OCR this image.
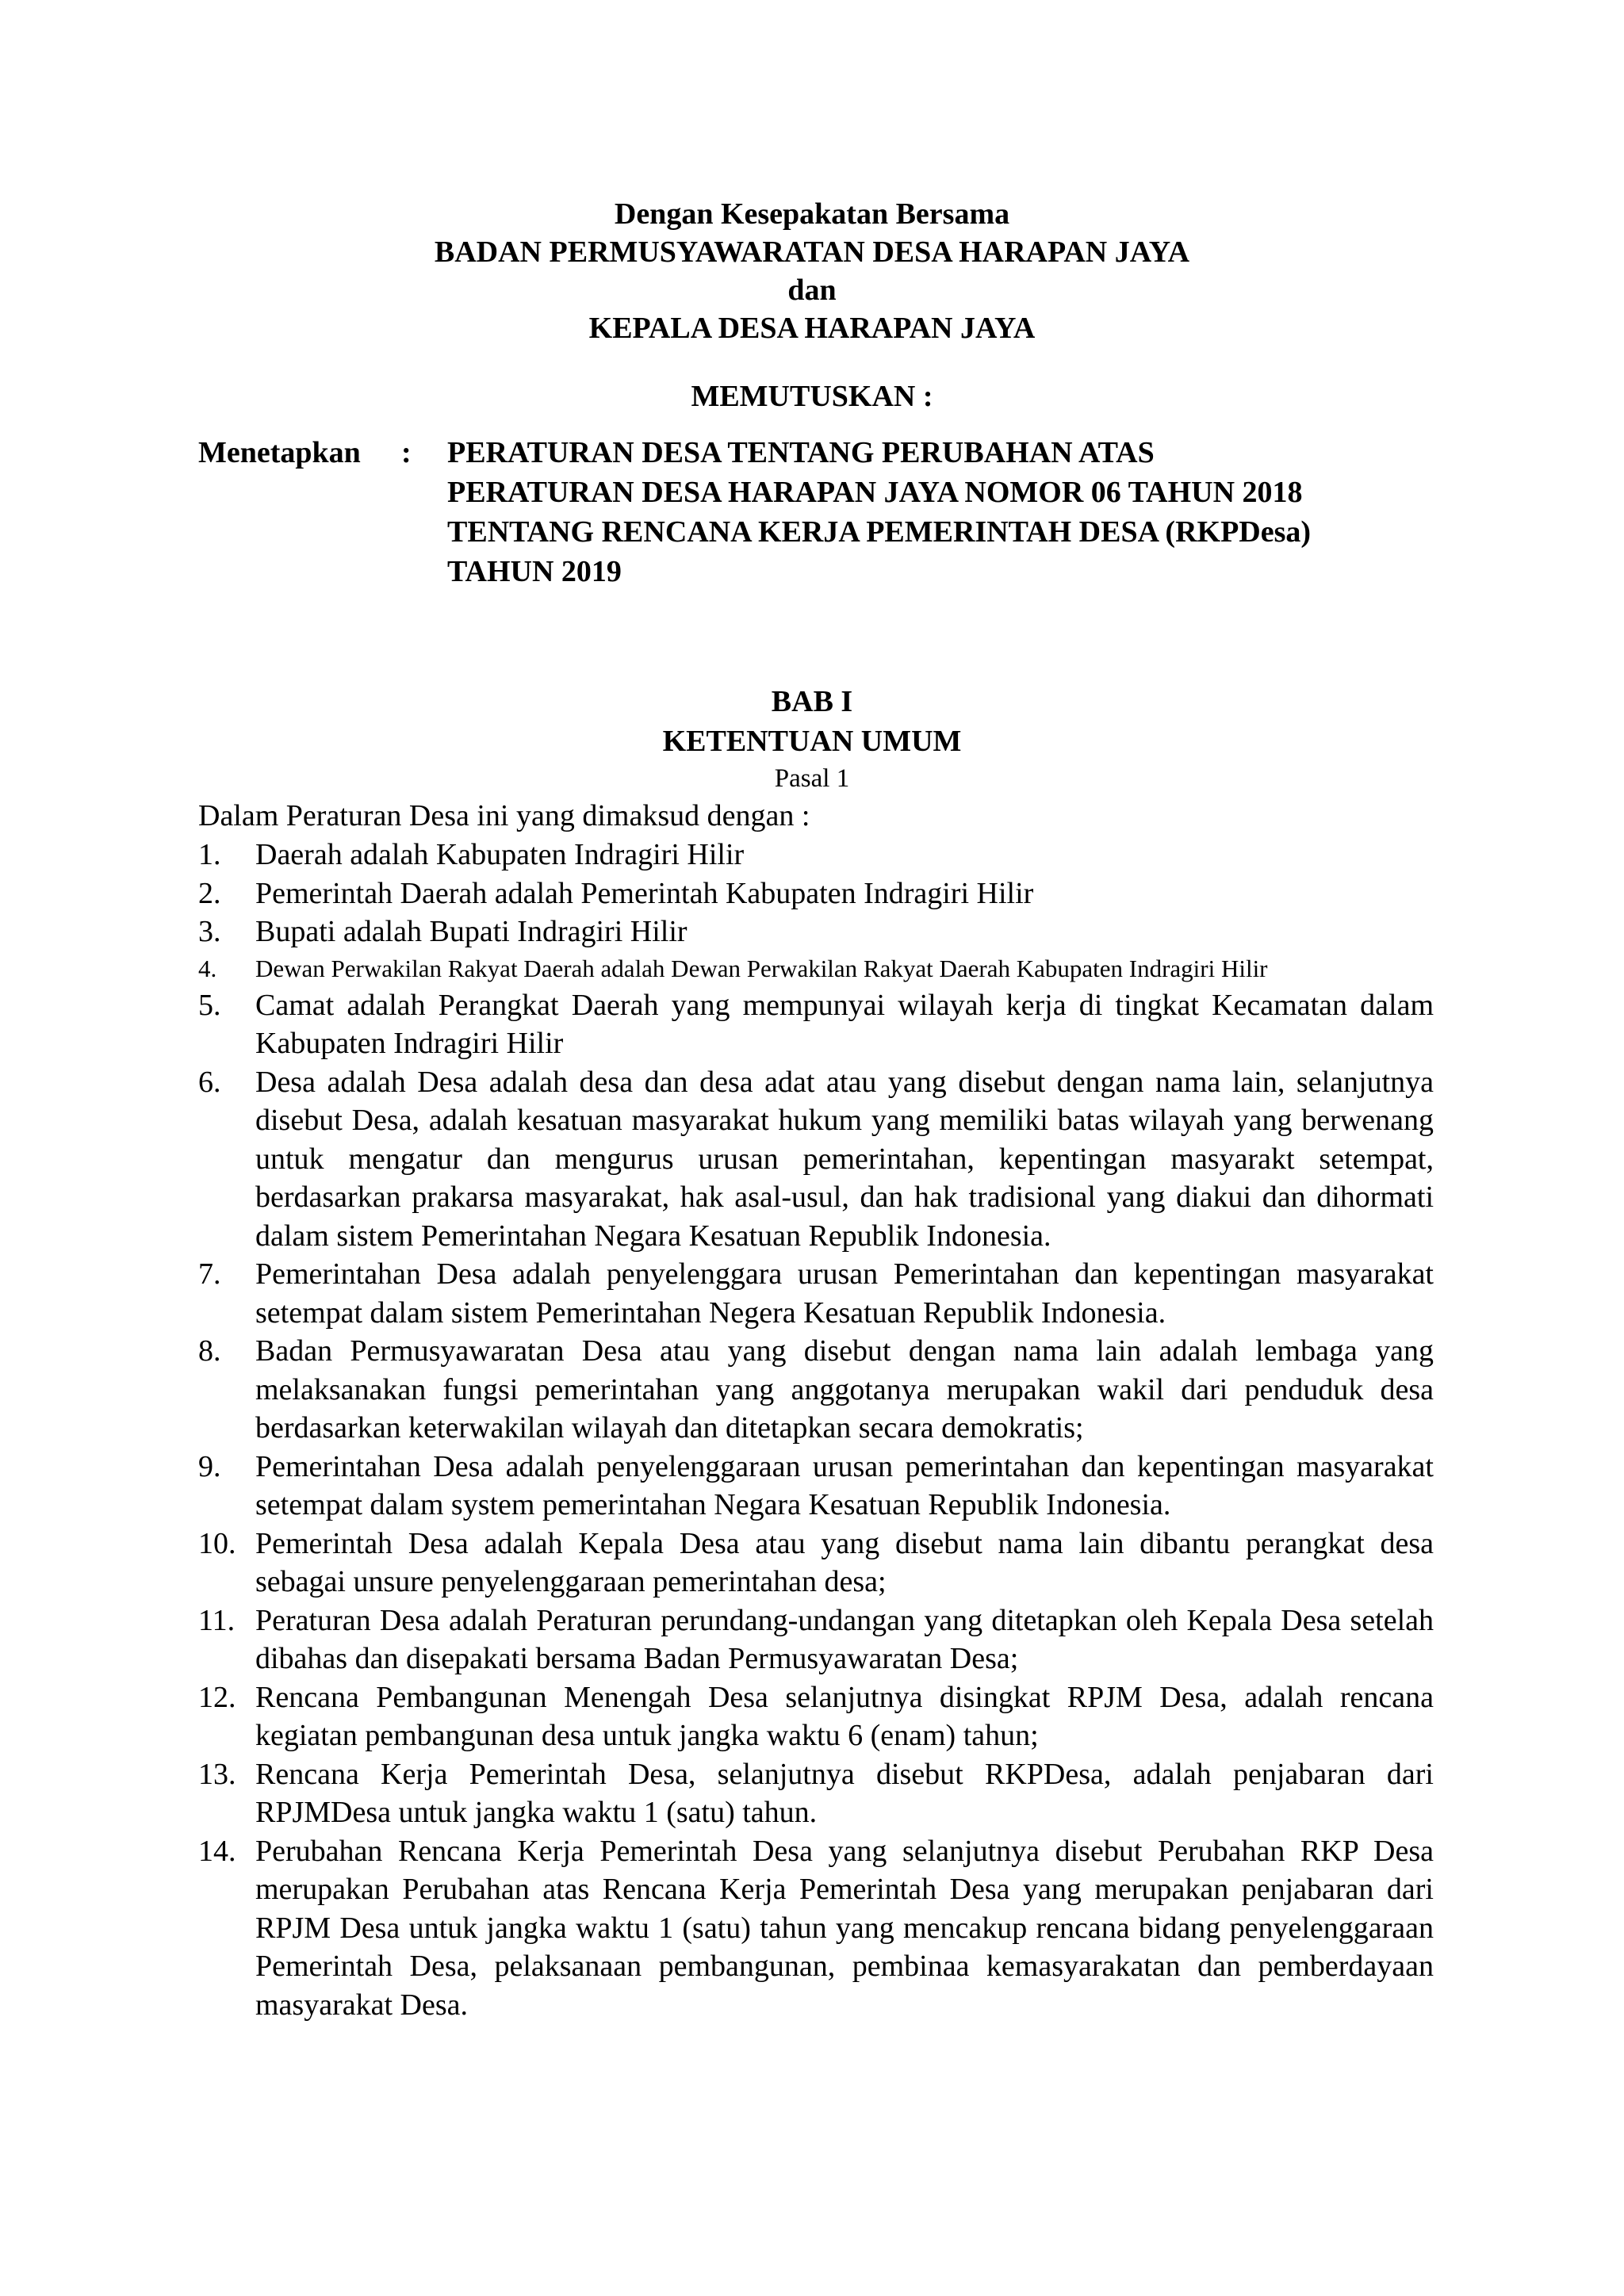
Dengan Kesepakatan Bersama
BADAN PERMUSYAWARATAN DESA HARAPAN JAYA
dan
KEPALA DESA HARAPAN JAYA
MEMUTUSKAN :
Menetapkan : PERATURAN DESA TENTANG PERUBAHAN ATAS
PERATURAN DESA HARAPAN JAYA NOMOR 06 TAHUN 2018
TENTANG RENCANA KERJA PEMERINTAH DESA (RKPDesa)
TAHUN 2019
BAB I
KETENTUAN UMUM
Pasal 1
Dalam Peraturan Desa ini yang dimaksud dengan :
1.	Daerah adalah Kabupaten Indragiri Hilir
2.	Pemerintah Daerah adalah Pemerintah Kabupaten Indragiri Hilir
3.	Bupati adalah Bupati Indragiri Hilir
4.	Dewan Perwakilan Rakyat Daerah adalah Dewan Perwakilan Rakyat Daerah Kabupaten Indragiri Hilir
5.	Camat adalah Perangkat Daerah yang mempunyai wilayah kerja di tingkat Kecamatan dalam Kabupaten Indragiri Hilir
6.	Desa adalah Desa adalah desa dan desa adat atau yang disebut dengan nama lain, selanjutnya disebut Desa, adalah kesatuan masyarakat hukum yang memiliki batas wilayah yang berwenang untuk mengatur dan mengurus urusan pemerintahan, kepentingan masyarakt setempat, berdasarkan prakarsa masyarakat, hak asal-usul, dan hak tradisional yang diakui dan dihormati dalam sistem Pemerintahan Negara Kesatuan Republik Indonesia.
7.	Pemerintahan Desa adalah penyelenggara urusan Pemerintahan dan kepentingan masyarakat setempat dalam sistem Pemerintahan Negera Kesatuan Republik Indonesia.
8.	Badan Permusyawaratan Desa atau yang disebut dengan nama lain adalah lembaga yang melaksanakan fungsi pemerintahan yang anggotanya merupakan wakil dari penduduk desa berdasarkan keterwakilan wilayah dan ditetapkan secara demokratis;
9.	Pemerintahan Desa adalah penyelenggaraan urusan pemerintahan dan kepentingan masyarakat setempat dalam system pemerintahan Negara Kesatuan Republik Indonesia.
10. Pemerintah Desa adalah Kepala Desa atau yang disebut nama lain dibantu perangkat desa sebagai unsure penyelenggaraan pemerintahan desa;
11. Peraturan Desa adalah Peraturan perundang-undangan yang ditetapkan oleh Kepala Desa setelah dibahas dan disepakati bersama Badan Permusyawaratan Desa;
12. Rencana Pembangunan Menengah Desa selanjutnya disingkat RPJM Desa, adalah rencana kegiatan pembangunan desa untuk jangka waktu 6 (enam) tahun;
13. Rencana Kerja Pemerintah Desa, selanjutnya disebut RKPDesa, adalah penjabaran dari RPJMDesa untuk jangka waktu 1 (satu) tahun.
14. Perubahan Rencana Kerja Pemerintah Desa yang selanjutnya disebut Perubahan RKP Desa merupakan Perubahan atas Rencana Kerja Pemerintah Desa yang merupakan penjabaran dari RPJM Desa untuk jangka waktu 1 (satu) tahun yang mencakup rencana bidang penyelenggaraan Pemerintah Desa, pelaksanaan pembangunan, pembinaa kemasyarakatan dan pemberdayaan masyarakat Desa.
